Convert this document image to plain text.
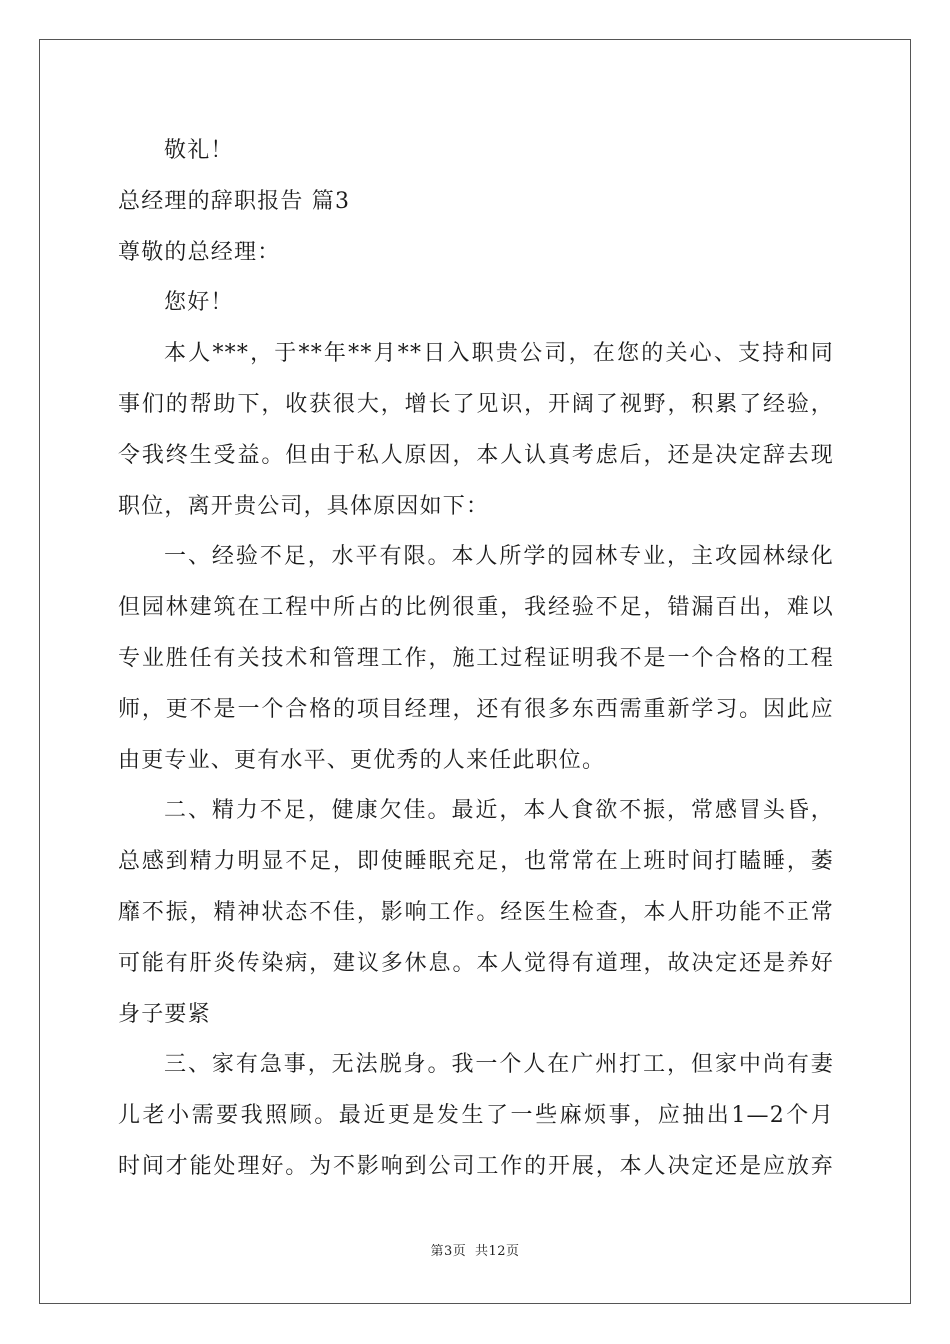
敬礼！
总经理的辞职报告 篇3
尊敬的总经理：
您好！
本人***，于**年**月**日入职贵公司，在您的关心、支持和同
事们的帮助下，收获很大，增长了见识，开阔了视野，积累了经验，
令我终生受益。但由于私人原因，本人认真考虑后，还是决定辞去现
职位，离开贵公司，具体原因如下：
一、经验不足，水平有限。本人所学的园林专业，主攻园林绿化
但园林建筑在工程中所占的比例很重，我经验不足，错漏百出，难以
专业胜任有关技术和管理工作，施工过程证明我不是一个合格的工程
师，更不是一个合格的项目经理，还有很多东西需重新学习。因此应
由更专业、更有水平、更优秀的人来任此职位。
二、精力不足，健康欠佳。最近，本人食欲不振，常感冒头昏，
总感到精力明显不足，即使睡眠充足，也常常在上班时间打瞌睡，萎
靡不振，精神状态不佳，影响工作。经医生检查，本人肝功能不正常
可能有肝炎传染病，建议多休息。本人觉得有道理，故决定还是养好
身子要紧
三、家有急事，无法脱身。我一个人在广州打工，但家中尚有妻
儿老小需要我照顾。最近更是发生了一些麻烦事，应抽出1—2个月
时间才能处理好。为不影响到公司工作的开展，本人决定还是应放弃
第3页 共12页
